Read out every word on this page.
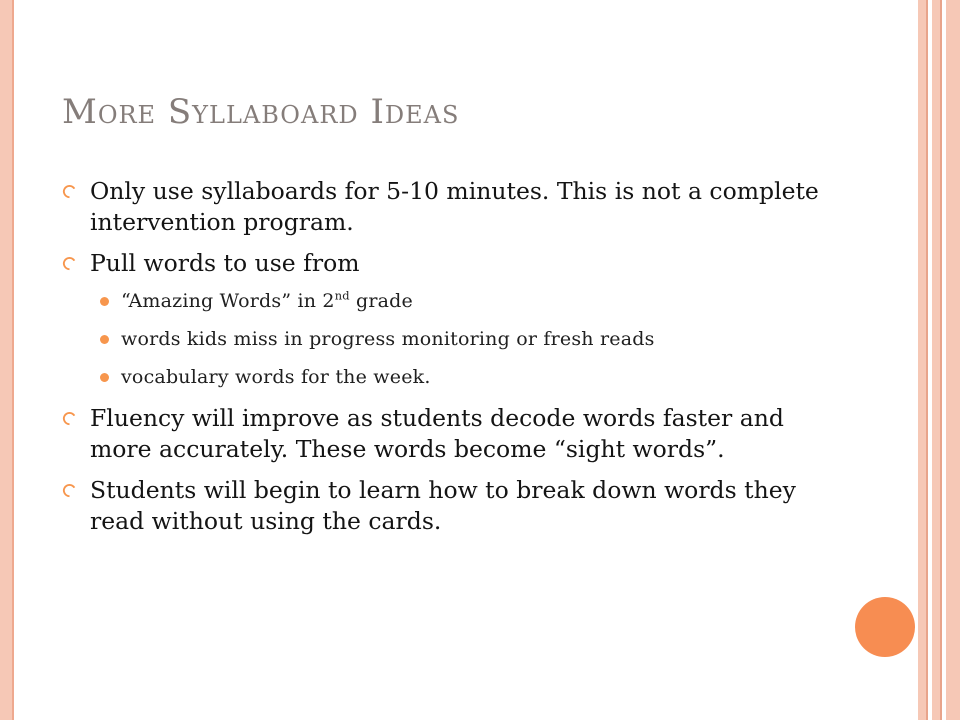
More Syllaboard Ideas
Only use syllaboards for 5-10 minutes. This is not a complete intervention program.
Pull words to use from
“Amazing Words” in 2nd grade
words kids miss in progress monitoring or fresh reads
vocabulary words for the week.
Fluency will improve as students decode words faster and more accurately. These words become “sight words”.
Students will begin to learn how to break down words they read without using the cards.
